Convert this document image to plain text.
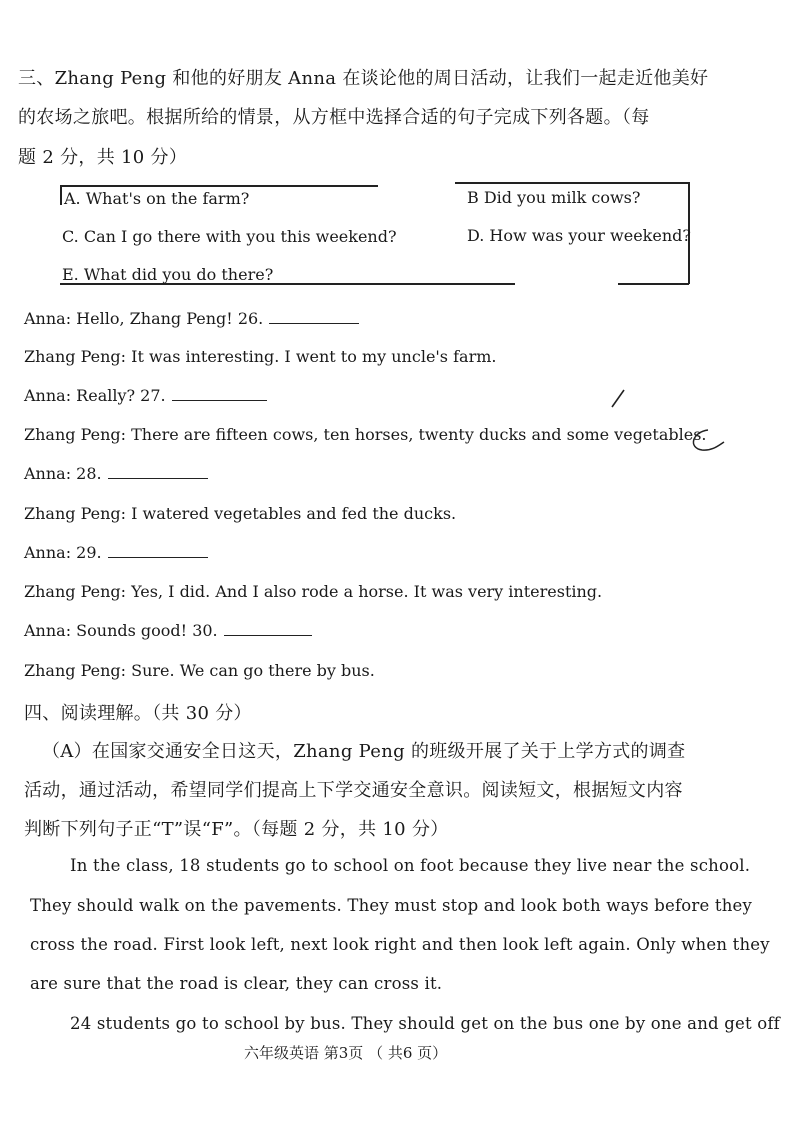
三、Zhang Peng 和他的好朋友 Anna 在谈论他的周日活动，让我们一起走近他美好
的农场之旅吧。根据所给的情景，从方框中选择合适的句子完成下列各题。（每
题 2 分，共 10 分）
A. What's on the farm?	B Did you milk cows?
C. Can I go there with you this weekend?	D. How was your weekend?
E. What did you do there?
Anna: Hello, Zhang Peng! 26.
Zhang Peng: It was interesting. I went to my uncle's farm.
Anna: Really? 27.
Zhang Peng: There are fifteen cows, ten horses, twenty ducks and some vegetables.
Anna: 28.
Zhang Peng: I watered vegetables and fed the ducks.
Anna: 29.
Zhang Peng: Yes, I did. And I also rode a horse. It was very interesting.
Anna: Sounds good! 30.
Zhang Peng: Sure. We can go there by bus.
四、阅读理解。（共 30 分）
（A）在国家交通安全日这天，Zhang Peng 的班级开展了关于上学方式的调查
活动，通过活动，希望同学们提高上下学交通安全意识。阅读短文，根据短文内容
判断下列句子正“T”误“F”。（每题 2 分，共 10 分）
In the class, 18 students go to school on foot because they live near the school.
They should walk on the pavements. They must stop and look both ways before they
cross the road. First look left, next look right and then look left again. Only when they
are sure that the road is clear, they can cross it.
24 students go to school by bus. They should get on the bus one by one and get off
六年级英语 第3页 （ 共6 页）
